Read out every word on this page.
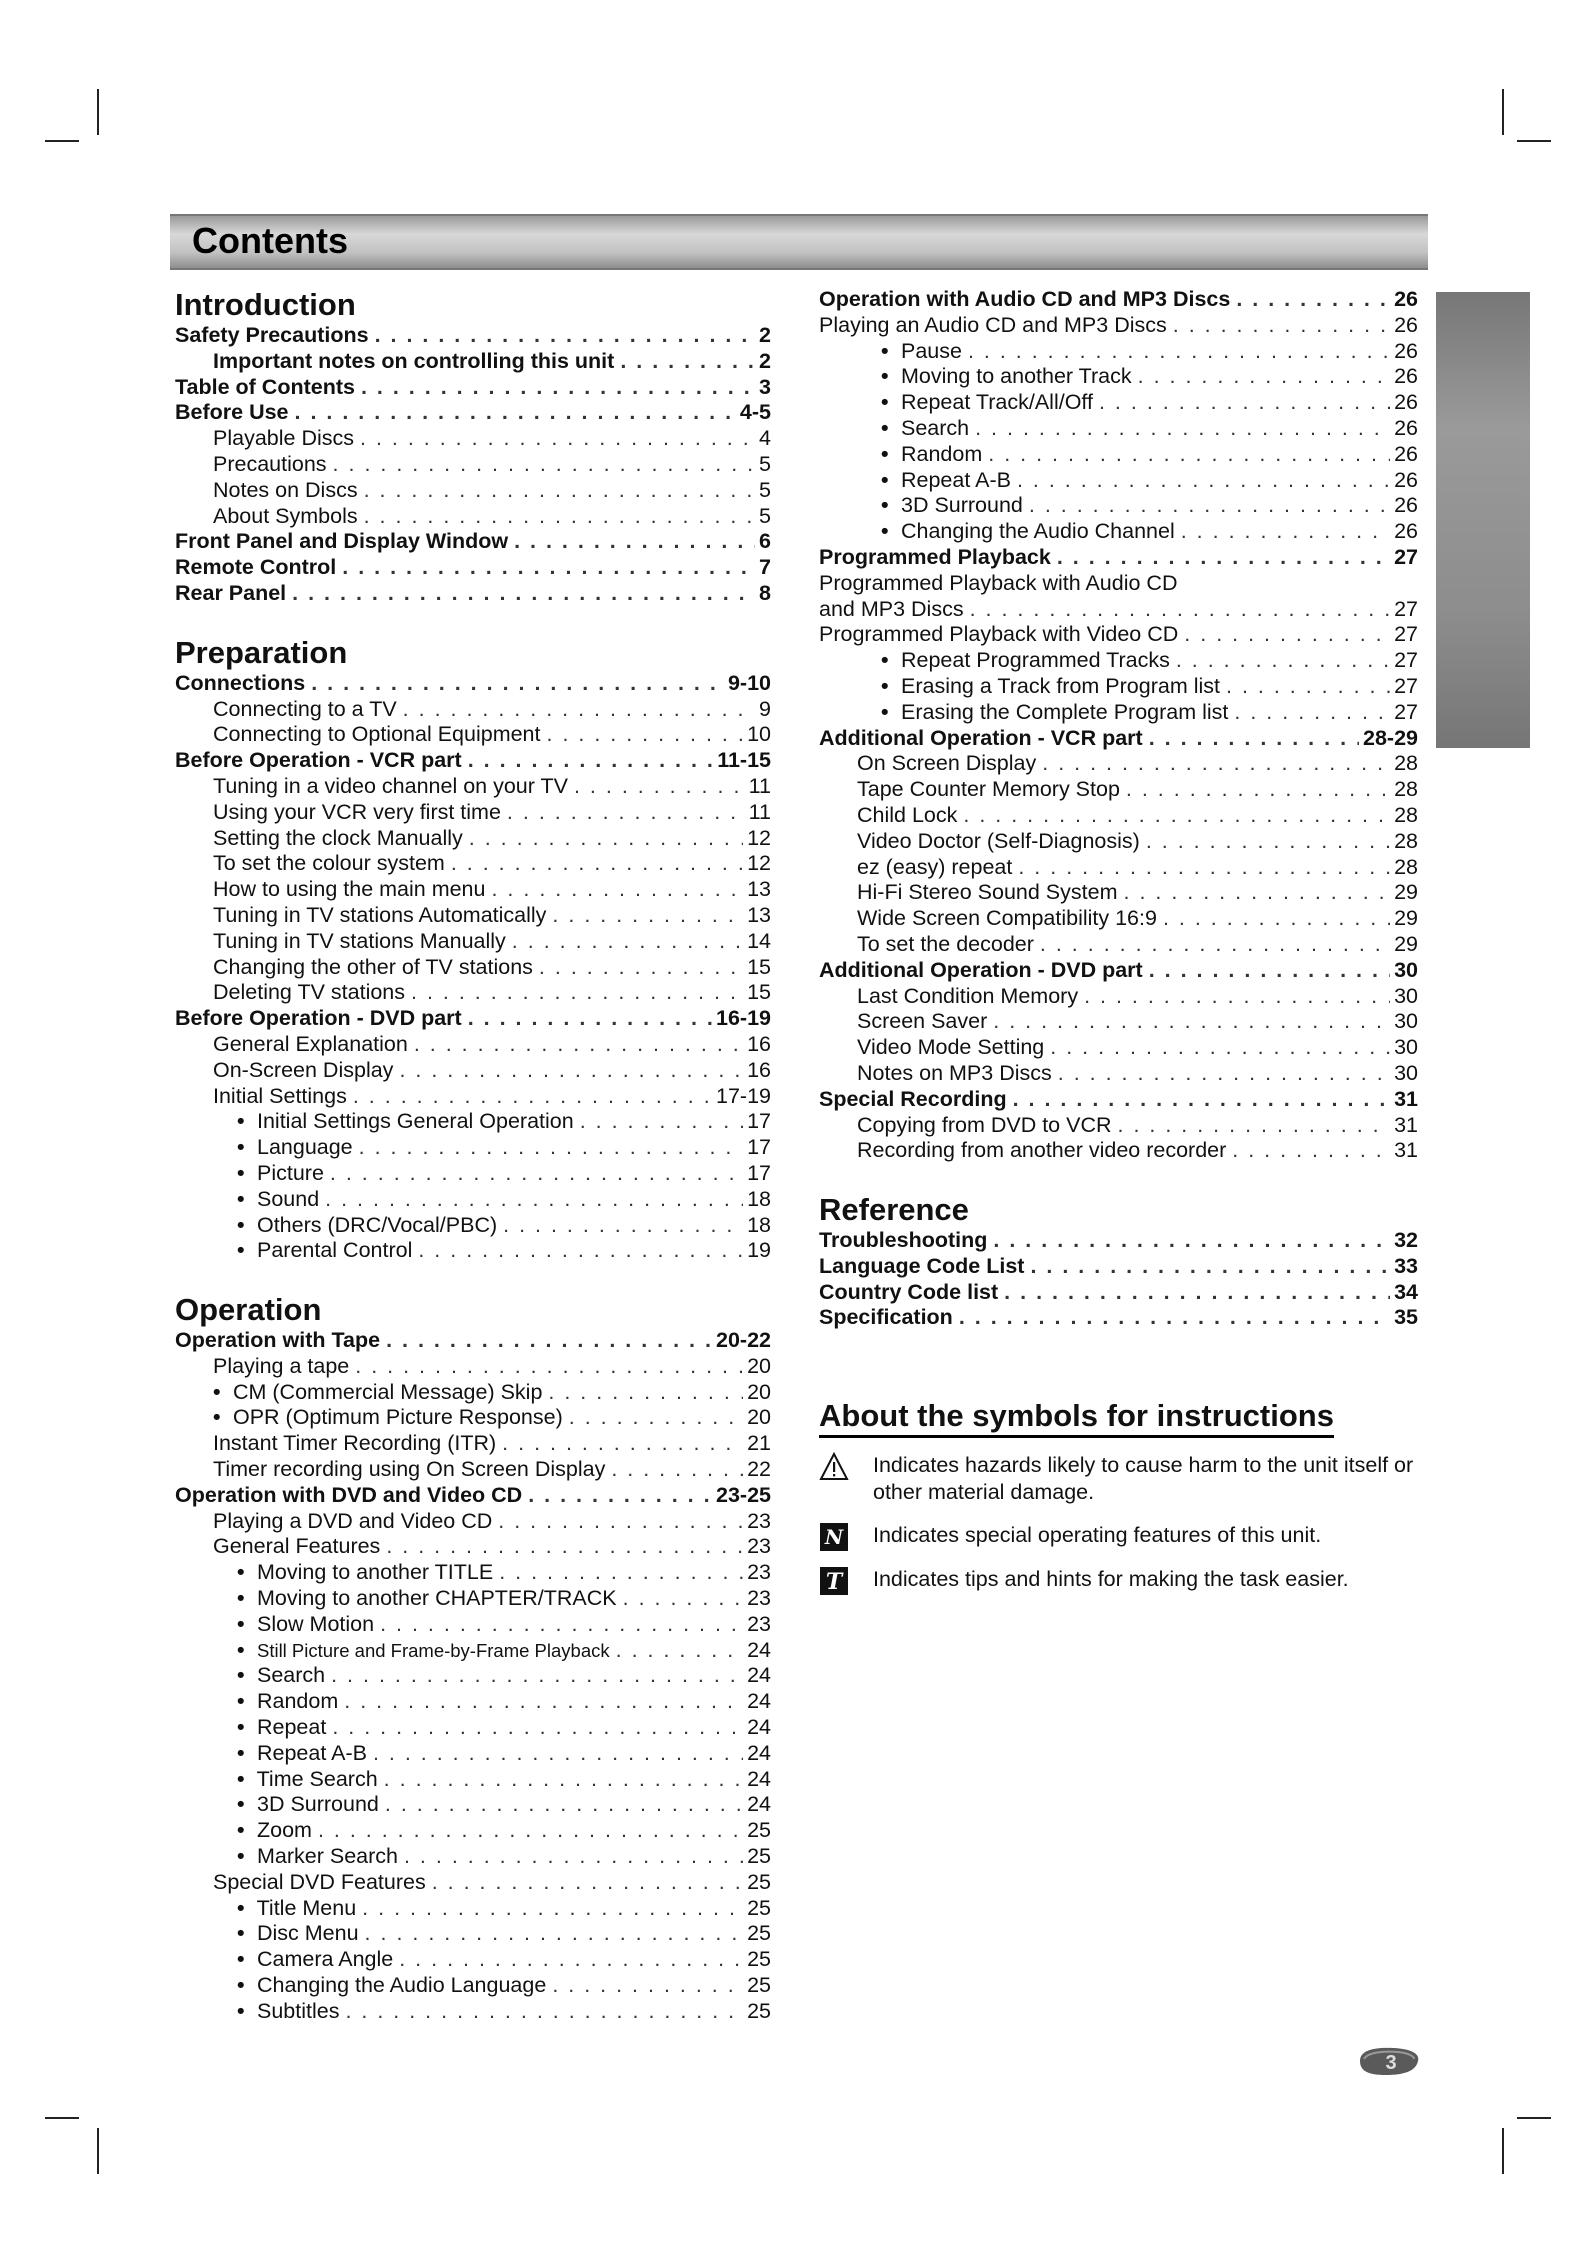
Contents
Introduction
Safety Precautions . . .	2
Important notes on controlling this unit . . .	2
Table of Contents . . .	3
Before Use . . .	4-5
Playable Discs . . .	4
Precautions . . .	5
Notes on Discs . . .	5
About Symbols . . .	5
Front Panel and Display Window . . .	6
Remote Control . . .	7
Rear Panel . . .	8
Preparation
Connections . . .	9-10
Connecting to a TV . . .	9
Connecting to Optional Equipment . . .	10
Before Operation - VCR part . . .	11-15
Tuning in a video channel on your TV . . .	11
Using your VCR very first time . . .	11
Setting the clock Manually . . .	12
To set the colour system . . .	12
How to using the main menu . . .	13
Tuning in TV stations Automatically . . .	13
Tuning in TV stations Manually . . .	14
Changing the other of TV stations . . .	15
Deleting TV stations . . .	15
Before Operation - DVD part . . .	16-19
General Explanation . . .	16
On-Screen Display . . .	16
Initial Settings . . .	17-19
• Initial Settings General Operation . . .	17
• Language . . .	17
• Picture . . .	17
• Sound . . .	18
• Others (DRC/Vocal/PBC) . . .	18
• Parental Control . . .	19
Operation
Operation with Tape . . .	20-22
Playing a tape . . .	20
• CM (Commercial Message) Skip . . .	20
• OPR (Optimum Picture Response) . . .	20
Instant Timer Recording (ITR) . . .	21
Timer recording using On Screen Display . . .	22
Operation with DVD and Video CD . . .	23-25
Playing a DVD and Video CD . . .	23
General Features . . .	23
• Moving to another TITLE . . .	23
• Moving to another CHAPTER/TRACK . . .	23
• Slow Motion . . .	23
• Still Picture and Frame-by-Frame Playback . . .	24
• Search . . .	24
• Random . . .	24
• Repeat . . .	24
• Repeat A-B . . .	24
• Time Search . . .	24
• 3D Surround . . .	24
• Zoom . . .	25
• Marker Search . . .	25
Special DVD Features . . .	25
• Title Menu . . .	25
• Disc Menu . . .	25
• Camera Angle . . .	25
• Changing the Audio Language . . .	25
• Subtitles . . .	25
Operation with Audio CD and MP3 Discs . . .	26
Playing an Audio CD and MP3 Discs . . .	26
• Pause . . .	26
• Moving to another Track . . .	26
• Repeat Track/All/Off . . .	26
• Search . . .	26
• Random . . .	26
• Repeat A-B . . .	26
• 3D Surround . . .	26
• Changing the Audio Channel . . .	26
Programmed Playback . . .	27
Programmed Playback with Audio CD
and MP3 Discs . . .	27
Programmed Playback with Video CD . . .	27
• Repeat Programmed Tracks . . .	27
• Erasing a Track from Program list . . .	27
• Erasing the Complete Program list . . .	27
Additional Operation - VCR part . . .	28-29
On Screen Display . . .	28
Tape Counter Memory Stop . . .	28
Child Lock . . .	28
Video Doctor (Self-Diagnosis) . . .	28
ez (easy) repeat . . .	28
Hi-Fi Stereo Sound System . . .	29
Wide Screen Compatibility 16:9 . . .	29
To set the decoder . . .	29
Additional Operation - DVD part . . .	30
Last Condition Memory . . .	30
Screen Saver . . .	30
Video Mode Setting . . .	30
Notes on MP3 Discs . . .	30
Special Recording . . .	31
Copying from DVD to VCR . . .	31
Recording from another video recorder . . .	31
Reference
Troubleshooting . . .	32
Language Code List . . .	33
Country Code list . . .	34
Specification . . .	35
About the symbols for instructions
Indicates hazards likely to cause harm to the unit itself or other material damage.
N Indicates special operating features of this unit.
T Indicates tips and hints for making the task easier.
3
